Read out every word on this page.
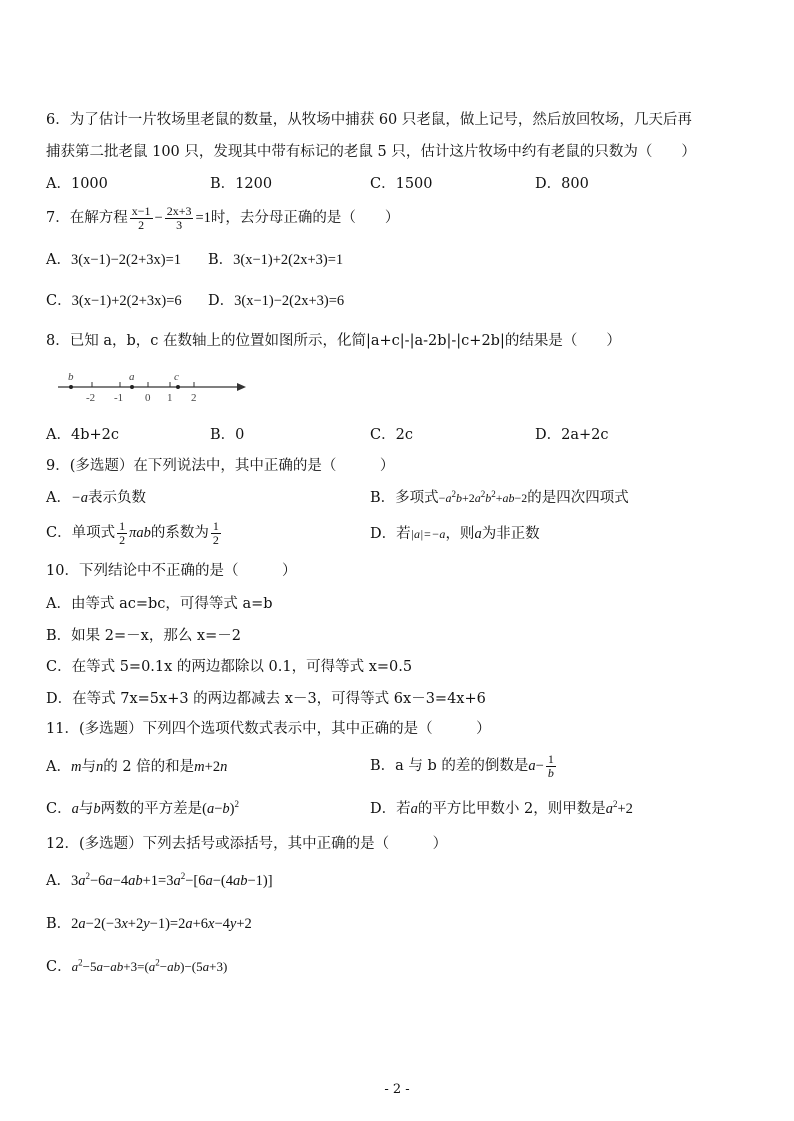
6．为了估计一片牧场里老鼠的数量，从牧场中捕获 60 只老鼠，做上记号，然后放回牧场，几天后再
捕获第二批老鼠 100 只，发现其中带有标记的老鼠 5 只，估计这片牧场中约有老鼠的只数为（　　）
A．1000	B．1200	C．1500	D．800
7．在解方程 $\frac{x-1}{2} - \frac{2x+3}{3} =1$时，去分母正确的是（　　）
A．3(x−1)−2(2+3x)=1 B．3(x−1)+2(2x+3)=1
C．3(x−1)+2(2+3x)=6 D．3(x−1)−2(2x+3)=6
8．已知 a，b，c 在数轴上的位置如图所示，化简|a+c|-|a-2b|-|c+2b|的结果是（　　）
b	a	c
-2 -1 0 1 2
A．4b+2c	B．0	C．2c	D．2a+2c
9．(多选题）在下列说法中，其中正确的是（　　　）
A．−a表示负数	B．多项式$-a^2b+2a^2b^2+ab-2$的是四次四项式
C．单项式 $\frac{1}{2}$ πab的系数为 $\frac{1}{2}$	D．若|a|=−a，则a为非正数
10．下列结论中不正确的是（　　　）
A．由等式 ac=bc，可得等式 a=b
B．如果 2=－x，那么 x=－2
C．在等式 5=0.1x 的两边都除以 0.1，可得等式 x=0.5
D．在等式 7x=5x+3 的两边都减去 x－3，可得等式 6x－3=4x+6
11．(多选题）下列四个选项代数式表示中，其中正确的是（　　　）
A．m与n的 2 倍的和是m+2n	B．a 与 b 的差的倒数是$a- \frac{1}{b}$
C．a与b两数的平方差是$(a-b)^2$	D．若a的平方比甲数小 2，则甲数是$a^2+2$
12．(多选题）下列去括号或添括号，其中正确的是（　　　）
A．$3a^2-6a-4ab+1=3a^2-[6a-(4ab-1)]$
B．2a−2(−3x+2y−1)=2a+6x−4y+2
C．$a^2-5a-ab+3=(a^2-ab)-(5a+3)$
- 2 -
